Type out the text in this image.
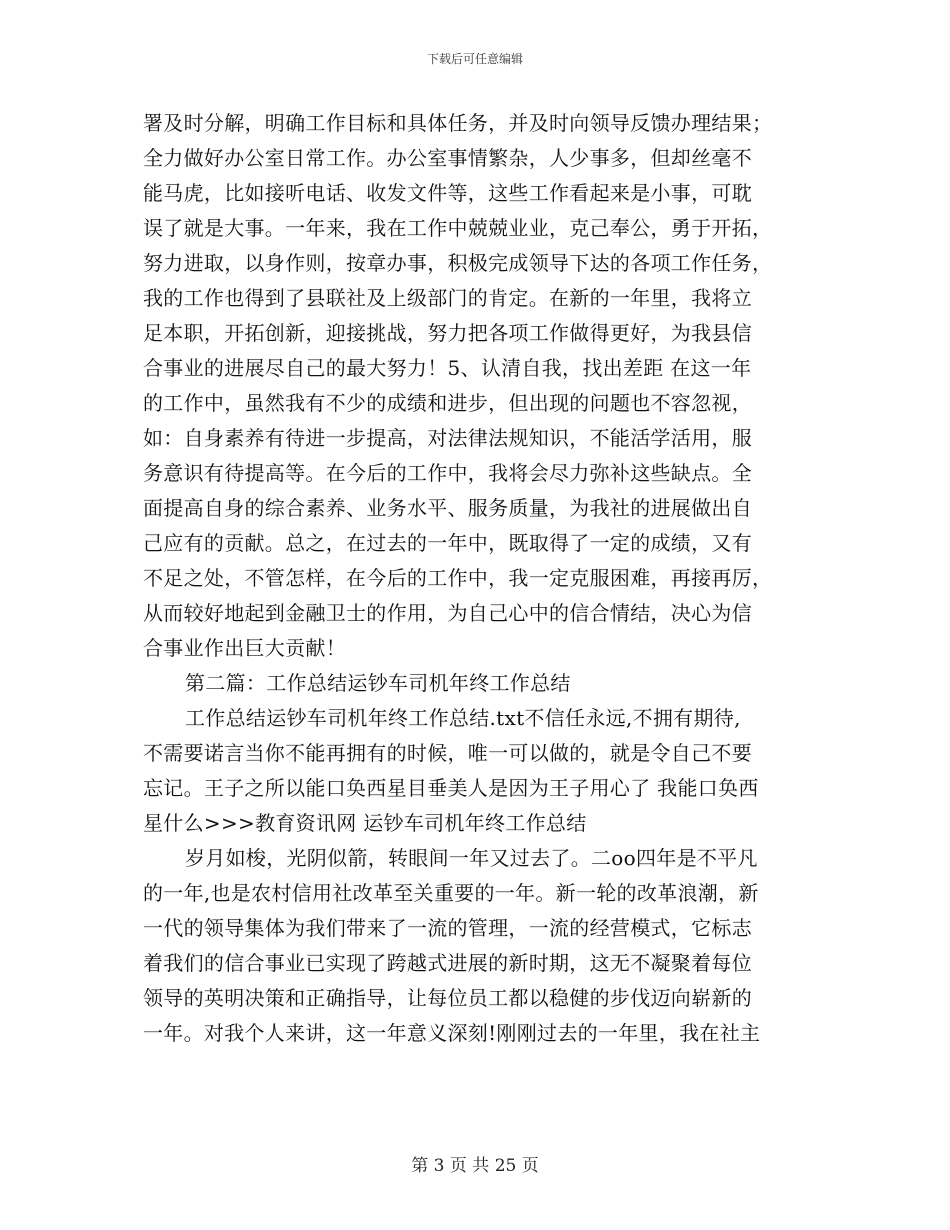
下载后可任意编辑
署及时分解，明确工作目标和具体任务，并及时向领导反馈办理结果；
全力做好办公室日常工作。办公室事情繁杂，人少事多，但却丝毫不
能马虎，比如接听电话、收发文件等，这些工作看起来是小事，可耽
误了就是大事。一年来，我在工作中兢兢业业，克己奉公，勇于开拓，
努力进取，以身作则，按章办事，积极完成领导下达的各项工作任务，
我的工作也得到了县联社及上级部门的肯定。在新的一年里，我将立
足本职，开拓创新，迎接挑战，努力把各项工作做得更好，为我县信
合事业的进展尽自己的最大努力！5、认清自我，找出差距 在这一年
的工作中，虽然我有不少的成绩和进步，但出现的问题也不容忽视，
如：自身素养有待进一步提高，对法律法规知识，不能活学活用，服
务意识有待提高等。在今后的工作中，我将会尽力弥补这些缺点。全
面提高自身的综合素养、业务水平、服务质量，为我社的进展做出自
己应有的贡献。总之，在过去的一年中，既取得了一定的成绩，又有
不足之处，不管怎样，在今后的工作中，我一定克服困难，再接再厉，
从而较好地起到金融卫士的作用，为自己心中的信合情结，决心为信
合事业作出巨大贡献！
第二篇：工作总结运钞车司机年终工作总结
工作总结运钞车司机年终工作总结.txt不信任永远,不拥有期待,
不需要诺言当你不能再拥有的时候，唯一可以做的，就是令自己不要
忘记。王子之所以能口奂西星目垂美人是因为王子用心了 我能口奂西
星什么>>>教育资讯网 运钞车司机年终工作总结
岁月如梭，光阴似箭，转眼间一年又过去了。二oo四年是不平凡
的一年,也是农村信用社改革至关重要的一年。新一轮的改革浪潮，新
一代的领导集体为我们带来了一流的管理，一流的经营模式，它标志
着我们的信合事业已实现了跨越式进展的新时期，这无不凝聚着每位
领导的英明决策和正确指导，让每位员工都以稳健的步伐迈向崭新的
一年。对我个人来讲，这一年意义深刻!刚刚过去的一年里，我在社主
第 3 页 共 25 页
